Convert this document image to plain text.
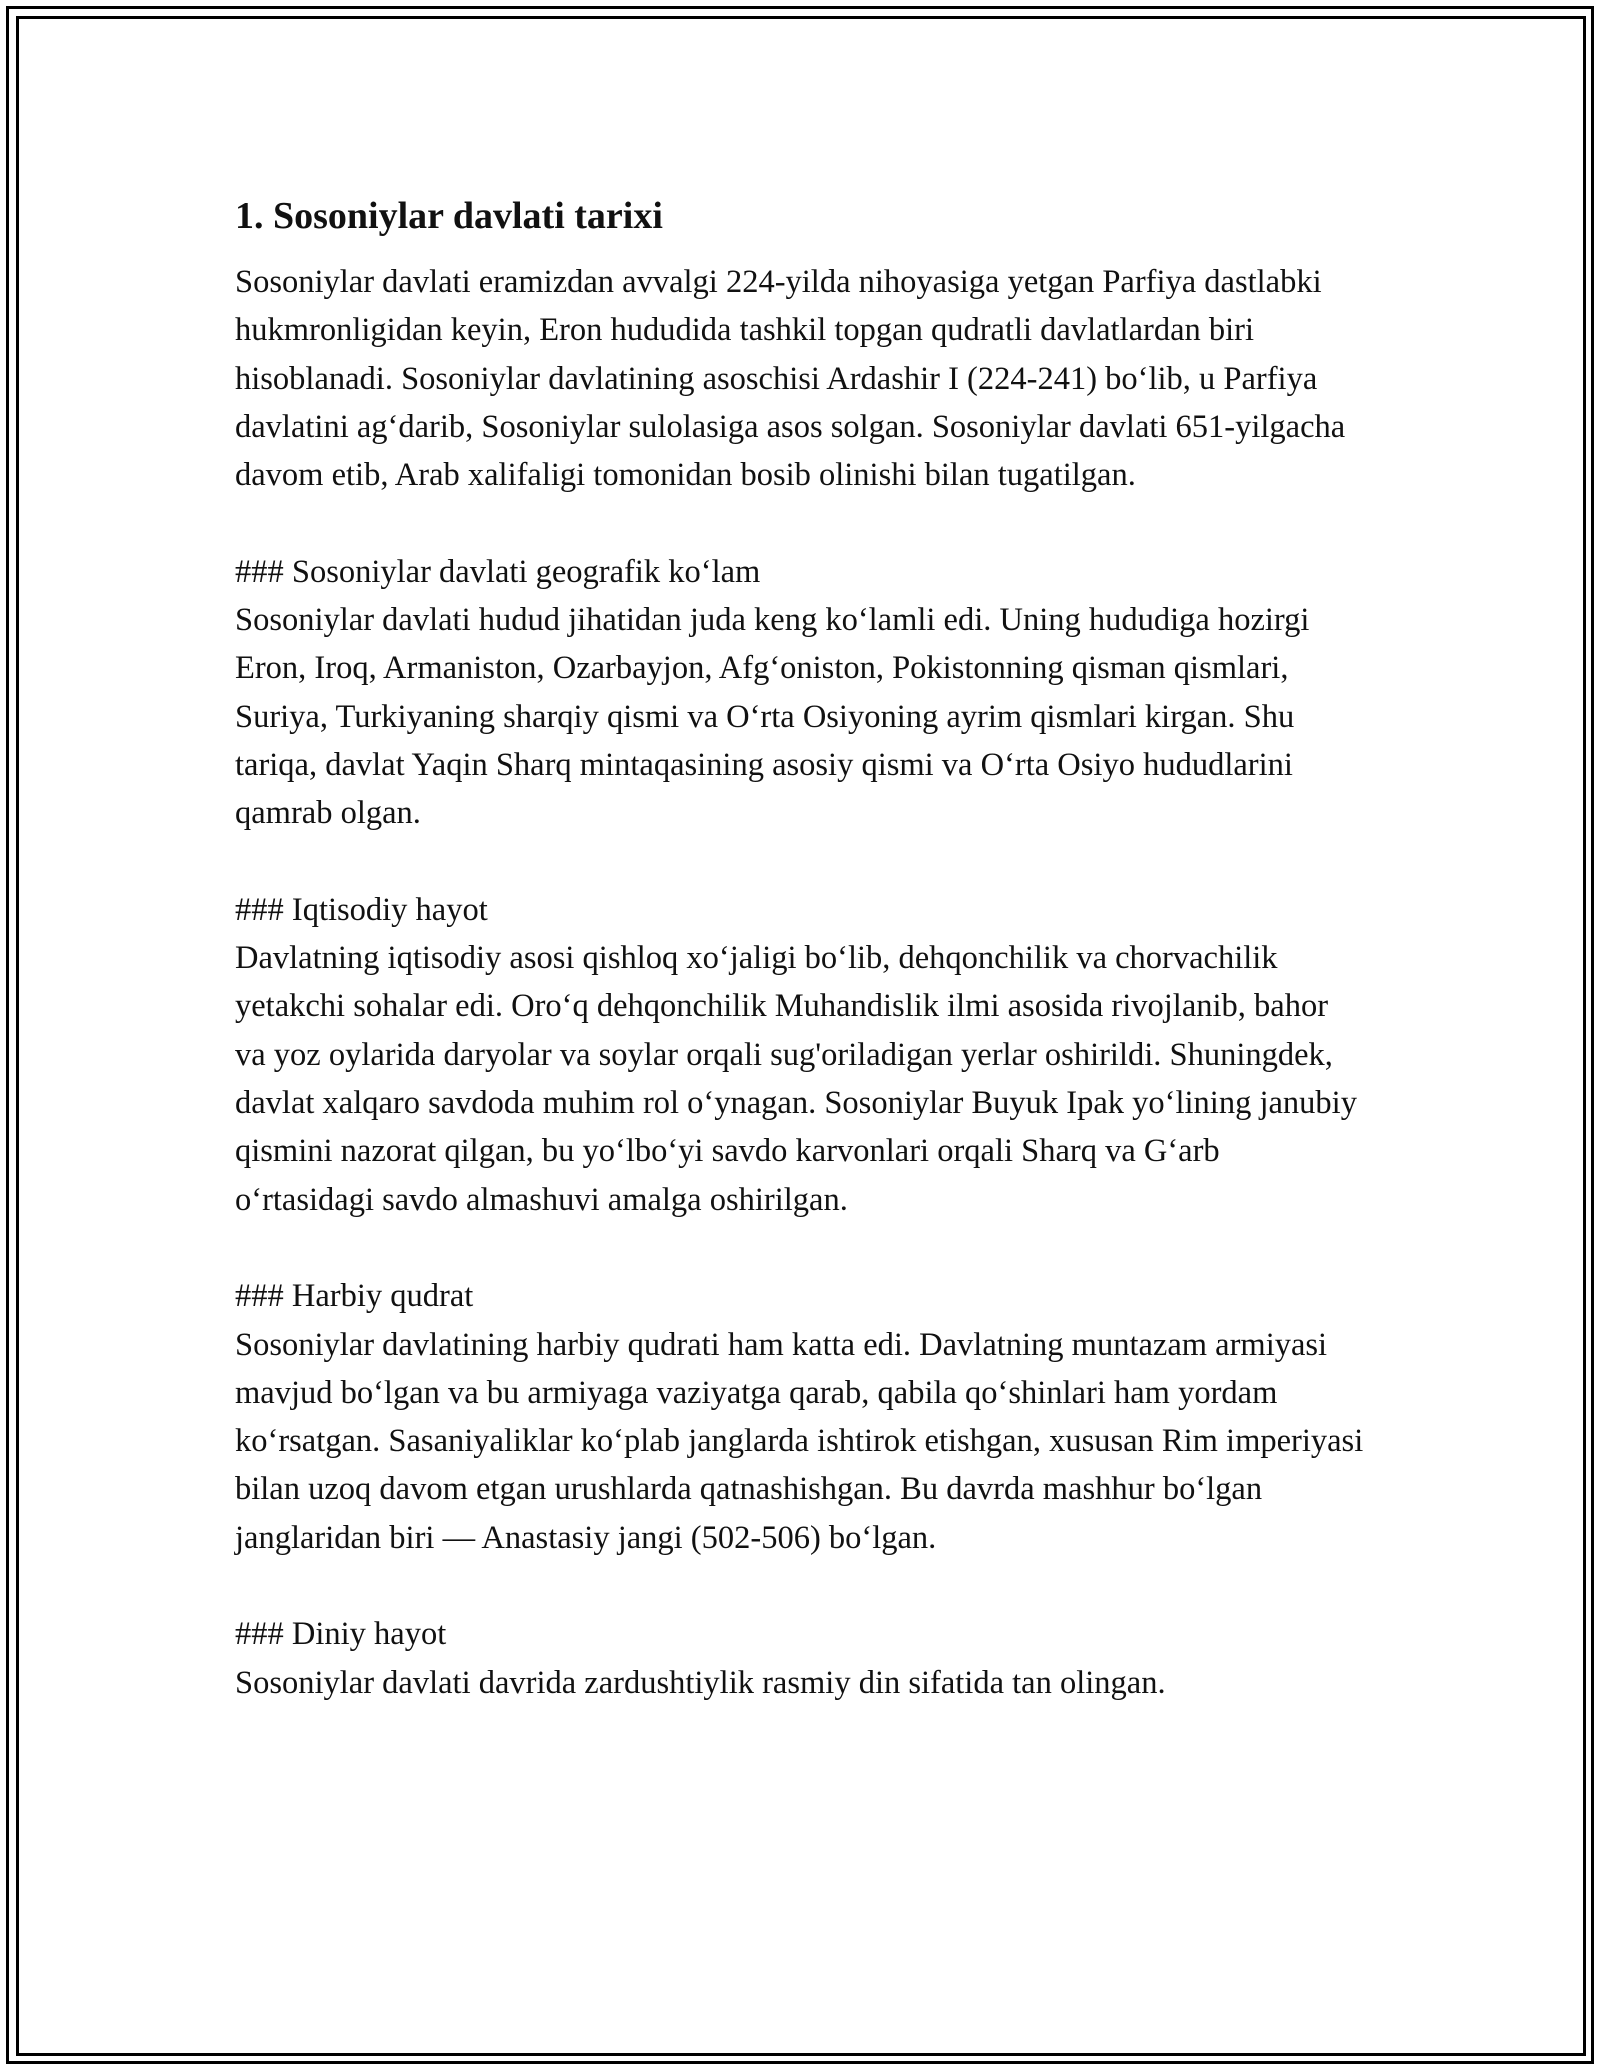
1. Sosoniylar davlati tarixi

Sosoniylar davlati eramizdan avvalgi 224-yilda nihoyasiga yetgan Parfiya dastlabki hukmronligidan keyin, Eron hududida tashkil topgan qudratli davlatlardan biri hisoblanadi. Sosoniylar davlatining asoschisi Ardashir I (224-241) bo‘lib, u Parfiya davlatini ag‘darib, Sosoniylar sulolasiga asos solgan. Sosoniylar davlati 651-yilgacha davom etib, Arab xalifaligi tomonidan bosib olinishi bilan tugatilgan.

### Sosoniylar davlati geografik ko‘lam

Sosoniylar davlati hudud jihatidan juda keng ko‘lamli edi. Uning hududiga hozirgi Eron, Iroq, Armaniston, Ozarbayjon, Afg‘oniston, Pokistonning qisman qismlari, Suriya, Turkiyaning sharqiy qismi va O‘rta Osiyoning ayrim qismlari kirgan. Shu tariqa, davlat Yaqin Sharq mintaqasining asosiy qismi va O‘rta Osiyo hududlarini qamrab olgan.

### Iqtisodiy hayot

Davlatning iqtisodiy asosi qishloq xo‘jaligi bo‘lib, dehqonchilik va chorvachilik yetakchi sohalar edi. Oro‘q dehqonchilik Muhandislik ilmi asosida rivojlanib, bahor va yoz oylarida daryolar va soylar orqali sug'oriladigan yerlar oshirildi. Shuningdek, davlat xalqaro savdoda muhim rol o‘ynagan. Sosoniylar Buyuk Ipak yo‘lining janubiy qismini nazorat qilgan, bu yo‘lbo‘yi savdo karvonlari orqali Sharq va G‘arb o‘rtasidagi savdo almashuvi amalga oshirilgan.

### Harbiy qudrat

Sosoniylar davlatining harbiy qudrati ham katta edi. Davlatning muntazam armiyasi mavjud bo‘lgan va bu armiyaga vaziyatga qarab, qabila qo‘shinlari ham yordam ko‘rsatgan. Sasaniyaliklar ko‘plab janglarda ishtirok etishgan, xususan Rim imperiyasi bilan uzoq davom etgan urushlarda qatnashishgan. Bu davrda mashhur bo‘lgan janglaridan biri — Anastasiy jangi (502-506) bo‘lgan.

### Diniy hayot

Sosoniylar davlati davrida zardushtiylik rasmiy din sifatida tan olingan.
